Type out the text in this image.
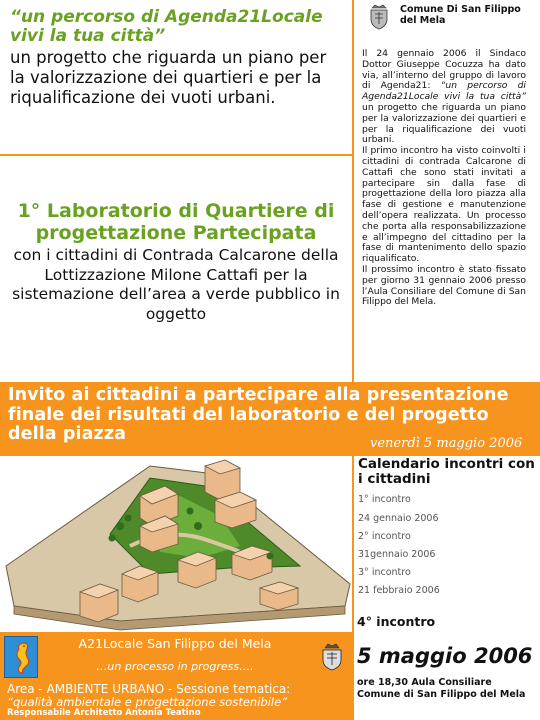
“un percorso di Agenda21Locale vivi la tua città”

un progetto che riguarda un piano per la valorizzazione dei quartieri e per la riqualificazione dei vuoti urbani.

1° Laboratorio di Quartiere di progettazione Partecipata

con i cittadini di Contrada Calcarone della Lottizzazione Milone Cattafi per la sistemazione dell’area a verde pubblico in oggetto

Comune Di San Filippo del Mela

Il 24 gennaio 2006 il Sindaco Dottor Giuseppe Cocuzza ha dato via, all’interno del gruppo di lavoro di Agenda21: “un percorso di Agenda21Locale vivi la tua città” un progetto che riguarda un piano per la valorizzazione dei quartieri e per la riqualificazione dei vuoti urbani.

Il primo incontro ha visto coinvolti i cittadini di contrada Calcarone di Cattafi che sono stati invitati a partecipare sin dalla fase di progettazione della loro piazza alla fase di gestione e manutenzione dell’opera realizzata. Un processo che porta alla responsabilizzazione e all’impegno del cittadino per la fase di mantenimento dello spazio riqualificato.

Il prossimo incontro è stato fissato per giorno 31 gennaio 2006 presso l’Aula Consiliare del Comune di San Filippo del Mela.

Invito ai cittadini a partecipare alla presentazione finale dei risultati del laboratorio e del progetto della piazza	venerdì 5 maggio 2006
Calendario incontri con i cittadini
1° incontro
24 gennaio 2006
2° incontro
31gennaio 2006
3° incontro
21 febbraio 2006
4° incontro
5 maggio 2006
ore 18,30 Aula Consiliare
Comune di San Filippo del Mela
A21Locale San Filippo del Mela
…un processo in progress….
Area - AMBIENTE URBANO - Sessione tematica:
“qualità ambientale e progettazione sostenibile”
Responsabile Architetto Antonia Teatino
